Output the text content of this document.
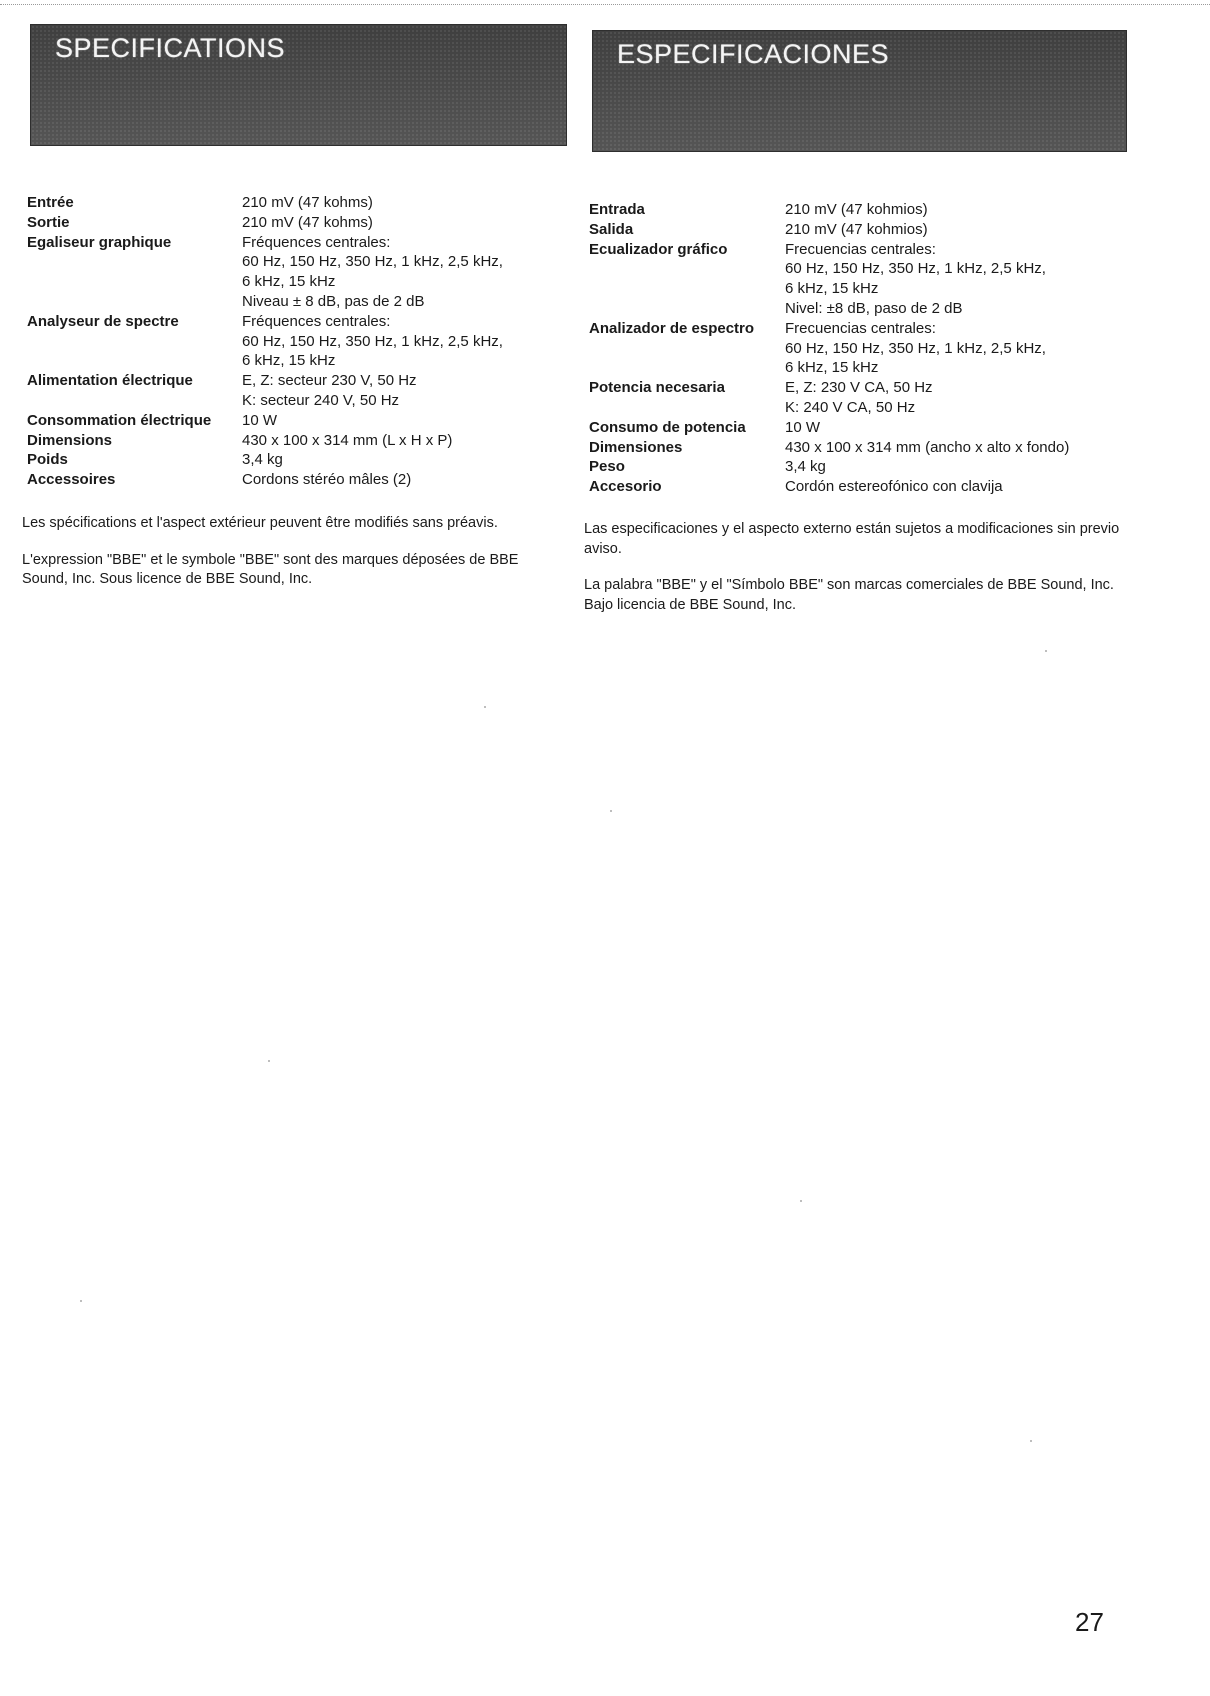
SPECIFICATIONS
Entrée	210 mV (47 kohms)
Sortie	210 mV (47 kohms)
Egaliseur graphique	Fréquences centrales:
60 Hz, 150 Hz, 350 Hz, 1 kHz, 2,5 kHz,
6 kHz, 15 kHz
Niveau ± 8 dB, pas de 2 dB
Analyseur de spectre	Fréquences centrales:
60 Hz, 150 Hz, 350 Hz, 1 kHz, 2,5 kHz,
6 kHz, 15 kHz
Alimentation électrique	E, Z: secteur 230 V, 50 Hz
K: secteur 240 V, 50 Hz
Consommation électrique	10 W
Dimensions	430 x 100 x 314 mm (L x H x P)
Poids	3,4 kg
Accessoires	Cordons stéréo mâles (2)

Les spécifications et l'aspect extérieur peuvent être modifiés sans préavis.

L'expression "BBE" et le symbole "BBE" sont des marques déposées de BBE Sound, Inc. Sous licence de BBE Sound, Inc.

ESPECIFICACIONES
Entrada	210 mV (47 kohmios)
Salida	210 mV (47 kohmios)
Ecualizador gráfico	Frecuencias centrales:
60 Hz, 150 Hz, 350 Hz, 1 kHz, 2,5 kHz,
6 kHz, 15 kHz
Nivel: ±8 dB, paso de 2 dB
Analizador de espectro	Frecuencias centrales:
60 Hz, 150 Hz, 350 Hz, 1 kHz, 2,5 kHz,
6 kHz, 15 kHz
Potencia necesaria	E, Z: 230 V CA, 50 Hz
K: 240 V CA, 50 Hz
Consumo de potencia	10 W
Dimensiones	430 x 100 x 314 mm (ancho x alto x fondo)
Peso	3,4 kg
Accesorio	Cordón estereofónico con clavija

Las especificaciones y el aspecto externo están sujetos a modificaciones sin previo aviso.

La palabra "BBE" y el "Símbolo BBE" son marcas comerciales de BBE Sound, Inc. Bajo licencia de BBE Sound, Inc.

27
